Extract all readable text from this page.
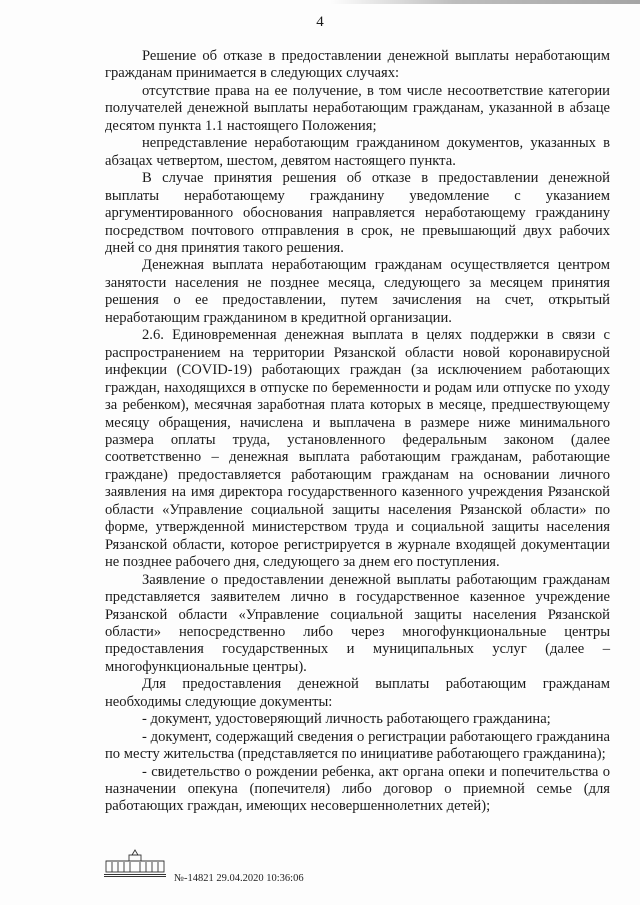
4

Решение об отказе в предоставлении денежной выплаты неработающим гражданам принимается в следующих случаях:

отсутствие права на ее получение, в том числе несоответствие категории получателей денежной выплаты неработающим гражданам, указанной в абзаце десятом пункта 1.1 настоящего Положения;

непредставление неработающим гражданином документов, указанных в абзацах четвертом, шестом, девятом настоящего пункта.

В случае принятия решения об отказе в предоставлении денежной выплаты неработающему гражданину уведомление с указанием аргументированного обоснования направляется неработающему гражданину посредством почтового отправления в срок, не превышающий двух рабочих дней со дня принятия такого решения.

Денежная выплата неработающим гражданам осуществляется центром занятости населения не позднее месяца, следующего за месяцем принятия решения о ее предоставлении, путем зачисления на счет, открытый неработающим гражданином в кредитной организации.

2.6. Единовременная денежная выплата в целях поддержки в связи с распространением на территории Рязанской области новой коронавирусной инфекции (COVID-19) работающих граждан (за исключением работающих граждан, находящихся в отпуске по беременности и родам или отпуске по уходу за ребенком), месячная заработная плата которых в месяце, предшествующему месяцу обращения, начислена и выплачена в размере ниже минимального размера оплаты труда, установленного федеральным законом (далее соответственно – денежная выплата работающим гражданам, работающие граждане) предоставляется работающим гражданам на основании личного заявления на имя директора государственного казенного учреждения Рязанской области «Управление социальной защиты населения Рязанской области» по форме, утвержденной министерством труда и социальной защиты населения Рязанской области, которое регистрируется в журнале входящей документации не позднее рабочего дня, следующего за днем его поступления.

Заявление о предоставлении денежной выплаты работающим гражданам представляется заявителем лично в государственное казенное учреждение Рязанской области «Управление социальной защиты населения Рязанской области» непосредственно либо через многофункциональные центры предоставления государственных и муниципальных услуг (далее – многофункциональные центры).

Для предоставления денежной выплаты работающим гражданам необходимы следующие документы:

- документ, удостоверяющий личность работающего гражданина;

- документ, содержащий сведения о регистрации работающего гражданина по месту жительства (представляется по инициативе работающего гражданина);

- свидетельство о рождении ребенка, акт органа опеки и попечительства о назначении опекуна (попечителя) либо договор о приемной семье (для работающих граждан, имеющих несовершеннолетних детей);

№-14821 29.04.2020 10:36:06
